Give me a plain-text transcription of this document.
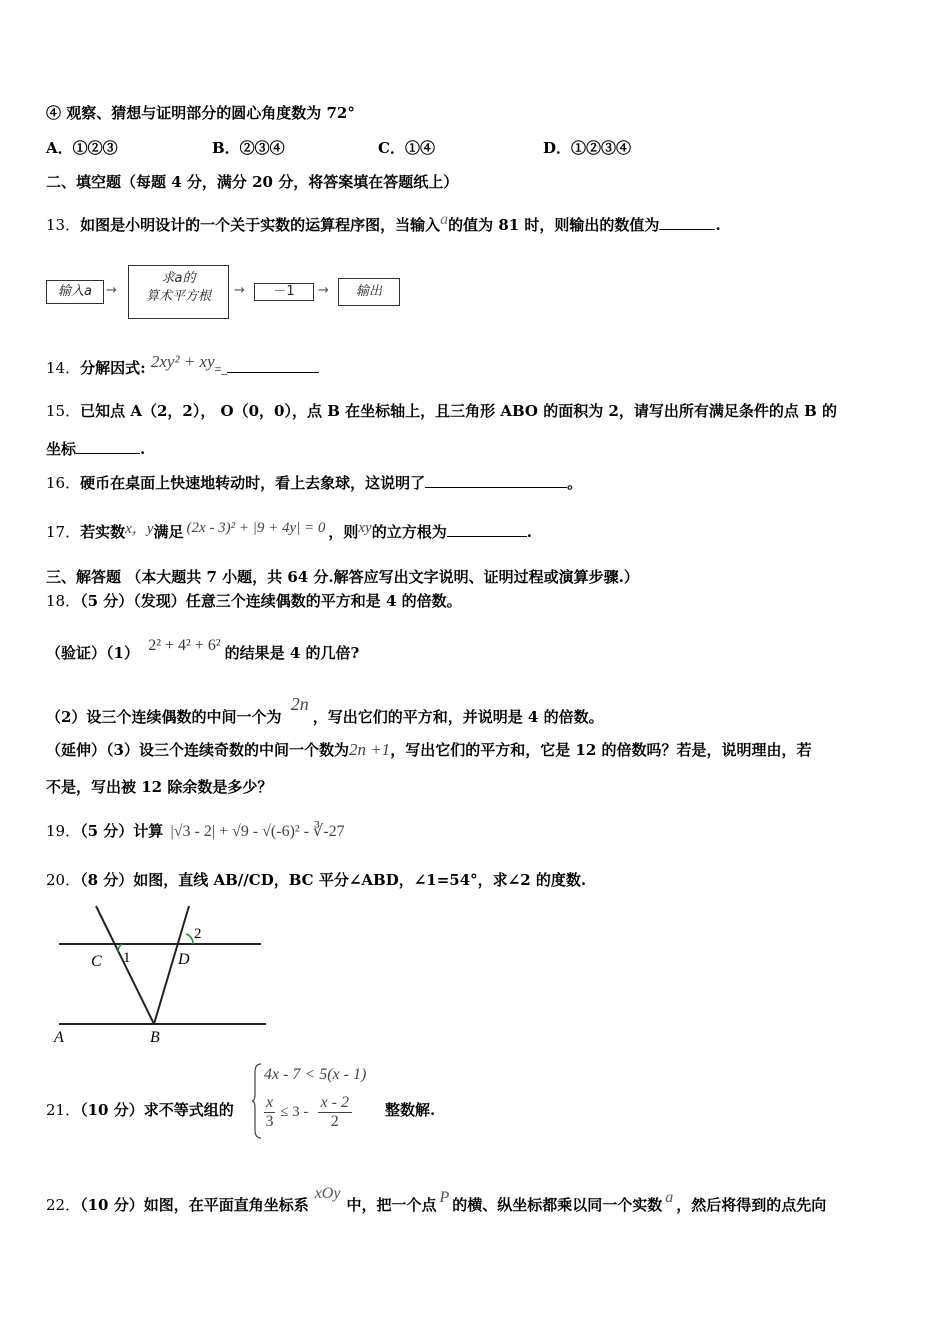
④ 观察、猜想与证明部分的圆心角度数为 72°
A．①②③	B．②③④	C．①④	D．①②③④
二、填空题（每题 4 分，满分 20 分，将答案填在答题纸上）
13．如图是小明设计的一个关于实数的运算程序图，当输入a的值为 81 时，则输出的数值为	.
输入a	→
求a的
算术平方根	→	－1	→	输出
14．分解因式: 2xy² + xy=_
15．已知点 A（2，2）， O（0，0），点 B 在坐标轴上，且三角形 ABO 的面积为 2，请写出所有满足条件的点 B 的
坐标	.
16．硬币在桌面上快速地转动时，看上去象球，这说明了	。
17．若实数x，y满足 (2x - 3)² + |9 + 4y| = 0 ，则xy的立方根为	.
三、解答题 （本大题共 7 小题，共 64 分.解答应写出文字说明、证明过程或演算步骤.）
18．（5 分）（发现）任意三个连续偶数的平方和是 4 的倍数。
（验证）（1） 2² + 4² + 6² 的结果是 4 的几倍?
（2）设三个连续偶数的中间一个为 2n，写出它们的平方和，并说明是 4 的倍数。
（延伸）（3）设三个连续奇数的中间一个数为2n +1，写出它们的平方和，它是 12 的倍数吗？若是，说明理由，若
不是，写出被 12 除余数是多少？
19．（5 分）计算 |√3 - 2| + √9 - √(-6)² - ∛-27
20．（8 分）如图，直线 AB//CD，BC 平分∠ABD，∠1=54°，求∠2 的度数.
C 1	D
2
A	B
21．（10 分）求不等式组的
4x - 7 < 5(x - 1)
$\frac{x}{3} \le 3 - \frac{x - 2}{2}$ 整数解.
22．（10 分）如图，在平面直角坐标系xOy中，把一个点 P 的横、纵坐标都乘以同一个实数 a ，然后将得到的点先向
